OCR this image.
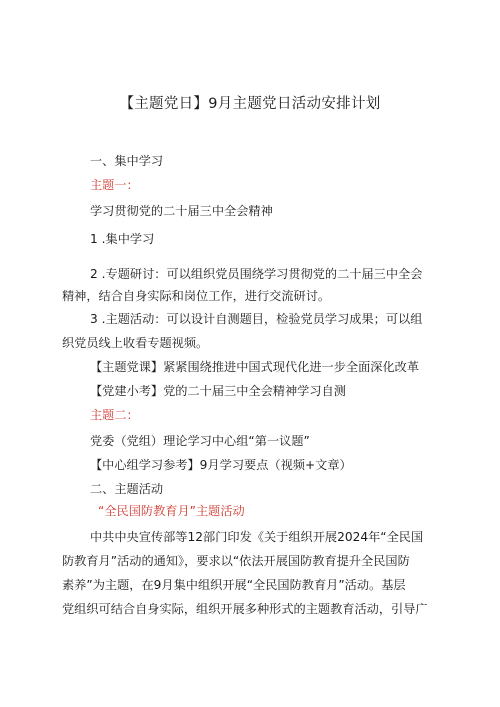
【主题党日】9月主题党日活动安排计划
一、集中学习
主题一：
学习贯彻党的二十届三中全会精神
1 .集中学习
2 .专题研讨：可以组织党员围绕学习贯彻党的二十届三中全会
精神，结合自身实际和岗位工作，进行交流研讨。
3 .主题活动：可以设计自测题目，检验党员学习成果；可以组
织党员线上收看专题视频。
【主题党课】紧紧围绕推进中国式现代化进一步全面深化改革
【党建小考】党的二十届三中全会精神学习自测
主题二：
党委（党组）理论学习中心组“第一议题”
【中心组学习参考】9月学习要点（视频+文章）
二、主题活动
“全民国防教育月”主题活动
中共中央宣传部等12部门印发《关于组织开展2024年“全民国
防教育月”活动的通知》，要求以“依法开展国防教育提升全民国防
素养”为主题，在9月集中组织开展“全民国防教育月”活动。基层
党组织可结合自身实际，组织开展多种形式的主题教育活动，引导广
